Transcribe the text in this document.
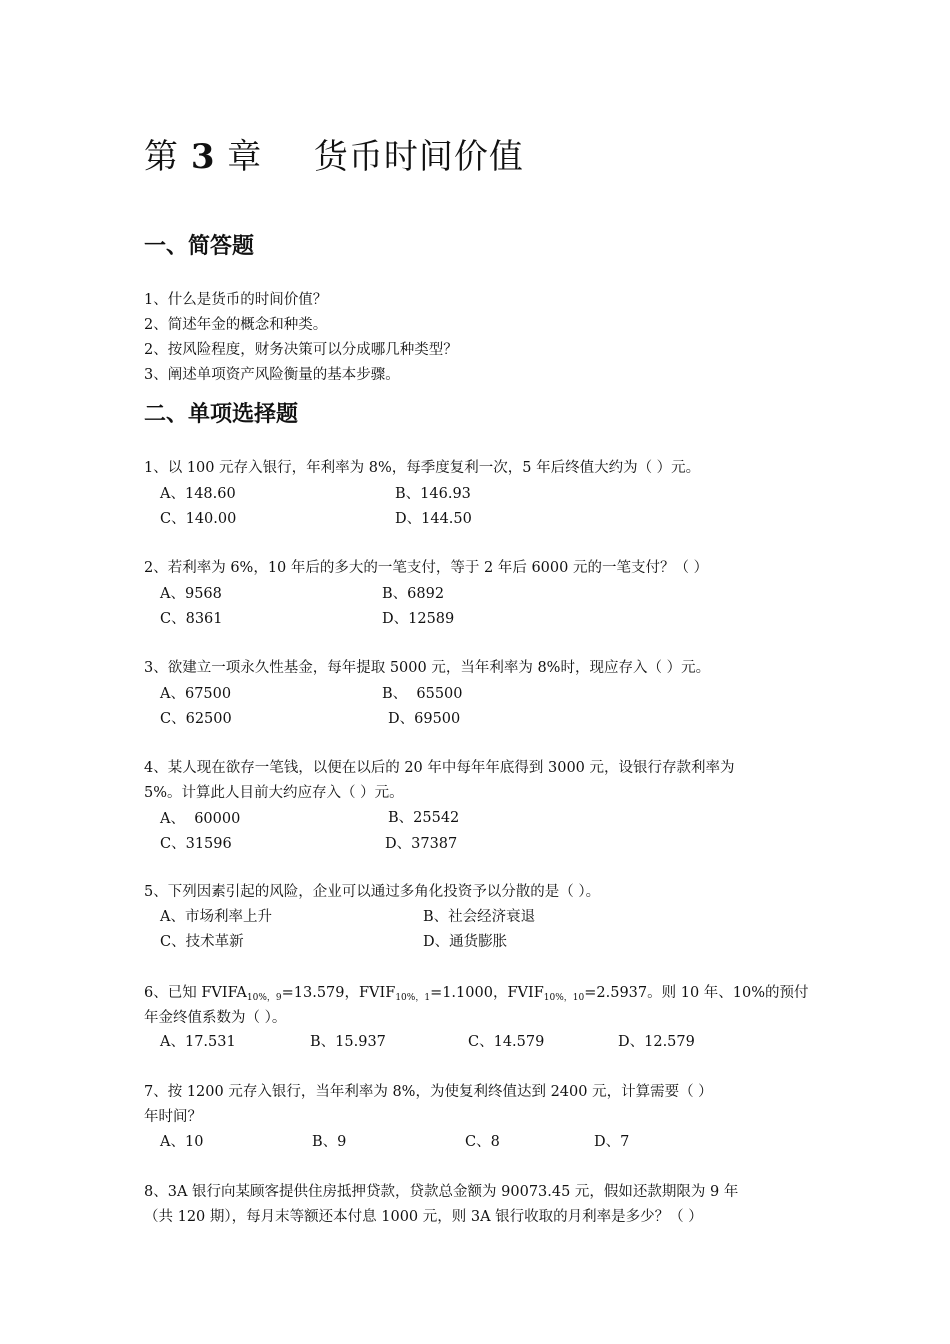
第 3 章 货币时间价值
一、简答题
1、什么是货币的时间价值？
2、简述年金的概念和种类。
2、按风险程度，财务决策可以分成哪几种类型？
3、阐述单项资产风险衡量的基本步骤。
二、单项选择题
1、以 100 元存入银行，年利率为 8%，每季度复利一次，5 年后终值大约为（ ）元。
A、148.60	B、146.93
C、140.00	D、144.50
2、若利率为 6%，10 年后的多大的一笔支付，等于 2 年后 6000 元的一笔支付？（ ）
A、9568	B、6892
C、8361	D、12589
3、欲建立一项永久性基金，每年提取 5000 元，当年利率为 8%时，现应存入（ ）元。
A、67500	B、  65500
C、62500	D、69500
4、某人现在欲存一笔钱，以便在以后的 20 年中每年年底得到 3000 元，设银行存款利率为
5%。计算此人目前大约应存入（ ）元。
A、  60000	B、25542
C、31596	D、37387
5、下列因素引起的风险，企业可以通过多角化投资予以分散的是（ ）。
A、市场利率上升	B、社会经济衰退
C、技术革新	D、通货膨胀
6、已知 $FVIFA_{10\%,9}=13.579$，$FVIF_{10\%,1}=1.1000$，$FVIF_{10\%,10}=2.5937$。则 10 年、10%的预付
年金终值系数为（ ）。
A、17.531	B、15.937	C、14.579	D、12.579
7、按 1200 元存入银行，当年利率为 8%，为使复利终值达到 2400 元，计算需要（ ）
年时间？
A、10	B、9	C、8	D、7
8、3A 银行向某顾客提供住房抵押贷款，贷款总金额为 90073.45 元，假如还款期限为 9 年
（共 120 期），每月末等额还本付息 1000 元，则 3A 银行收取的月利率是多少？（ ）
